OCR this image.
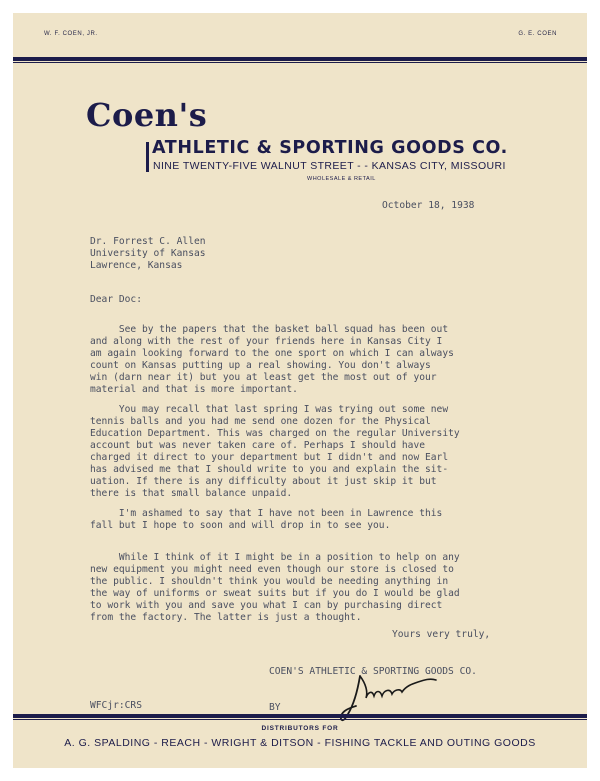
W. F. COEN, JR.	G. E. COEN
Coen's
ATHLETIC & SPORTING GOODS CO.
NINE TWENTY-FIVE WALNUT STREET - - KANSAS CITY, MISSOURI
WHOLESALE & RETAIL
October 18, 1938
Dr. Forrest C. Allen
University of Kansas
Lawrence, Kansas
Dear Doc:
See by the papers that the basket ball squad has been out
and along with the rest of your friends here in Kansas City I
am again looking forward to the one sport on which I can always
count on Kansas putting up a real showing. You don't always
win (darn near it) but you at least get the most out of your
material and that is more important.
You may recall that last spring I was trying out some new
tennis balls and you had me send one dozen for the Physical
Education Department. This was charged on the regular University
account but was never taken care of. Perhaps I should have
charged it direct to your department but I didn't and now Earl
has advised me that I should write to you and explain the sit-
uation. If there is any difficulty about it just skip it but
there is that small balance unpaid.
I'm ashamed to say that I have not been in Lawrence this
fall but I hope to soon and will drop in to see you.
While I think of it I might be in a position to help on any
new equipment you might need even though our store is closed to
the public. I shouldn't think you would be needing anything in
the way of uniforms or sweat suits but if you do I would be glad
to work with you and save you what I can by purchasing direct
from the factory. The latter is just a thought.
Yours very truly,
COEN'S ATHLETIC & SPORTING GOODS CO.
WFCjr:CRS	BY
DISTRIBUTORS FOR
A. G. SPALDING - REACH - WRIGHT & DITSON - FISHING TACKLE AND OUTING GOODS
